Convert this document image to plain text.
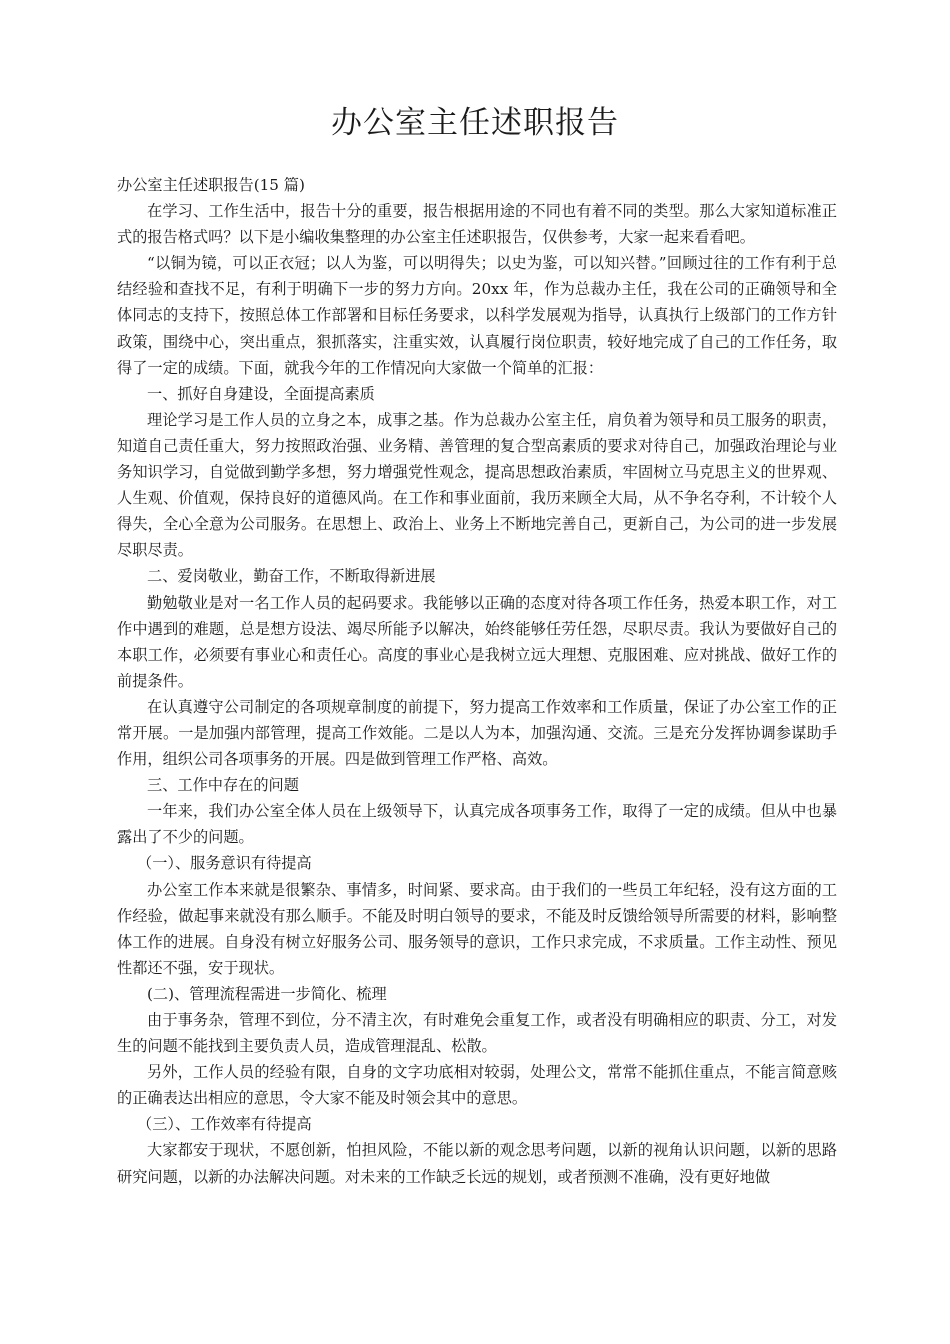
办公室主任述职报告

办公室主任述职报告(15 篇)

在学习、工作生活中，报告十分的重要，报告根据用途的不同也有着不同的类型。那么大家知道标准正式的报告格式吗？以下是小编收集整理的办公室主任述职报告，仅供参考，大家一起来看看吧。

“以铜为镜，可以正衣冠；以人为鉴，可以明得失；以史为鉴，可以知兴替。”回顾过往的工作有利于总结经验和查找不足，有利于明确下一步的努力方向。20xx 年，作为总裁办主任，我在公司的正确领导和全体同志的支持下，按照总体工作部署和目标任务要求，以科学发展观为指导，认真执行上级部门的工作方针政策，围绕中心，突出重点，狠抓落实，注重实效，认真履行岗位职责，较好地完成了自己的工作任务，取得了一定的成绩。下面，就我今年的工作情况向大家做一个简单的汇报：

一、抓好自身建设，全面提高素质

理论学习是工作人员的立身之本，成事之基。作为总裁办公室主任，肩负着为领导和员工服务的职责，知道自己责任重大，努力按照政治强、业务精、善管理的复合型高素质的要求对待自己，加强政治理论与业务知识学习，自觉做到勤学多想，努力增强党性观念，提高思想政治素质，牢固树立马克思主义的世界观、人生观、价值观，保持良好的道德风尚。在工作和事业面前，我历来顾全大局，从不争名夺利，不计较个人得失，全心全意为公司服务。在思想上、政治上、业务上不断地完善自己，更新自己，为公司的进一步发展尽职尽责。

二、爱岗敬业，勤奋工作，不断取得新进展

勤勉敬业是对一名工作人员的起码要求。我能够以正确的态度对待各项工作任务，热爱本职工作，对工作中遇到的难题，总是想方设法、竭尽所能予以解决，始终能够任劳任怨，尽职尽责。我认为要做好自己的本职工作，必须要有事业心和责任心。高度的事业心是我树立远大理想、克服困难、应对挑战、做好工作的前提条件。

在认真遵守公司制定的各项规章制度的前提下，努力提高工作效率和工作质量，保证了办公室工作的正常开展。一是加强内部管理，提高工作效能。二是以人为本，加强沟通、交流。三是充分发挥协调参谋助手作用，组织公司各项事务的开展。四是做到管理工作严格、高效。

三、工作中存在的问题

一年来，我们办公室全体人员在上级领导下，认真完成各项事务工作，取得了一定的成绩。但从中也暴露出了不少的问题。

（一）、服务意识有待提高

办公室工作本来就是很繁杂、事情多，时间紧、要求高。由于我们的一些员工年纪轻，没有这方面的工作经验，做起事来就没有那么顺手。不能及时明白领导的要求，不能及时反馈给领导所需要的材料，影响整体工作的进展。自身没有树立好服务公司、服务领导的意识，工作只求完成，不求质量。工作主动性、预见性都还不强，安于现状。

(二)、管理流程需进一步简化、梳理

由于事务杂，管理不到位，分不清主次，有时难免会重复工作，或者没有明确相应的职责、分工，对发生的问题不能找到主要负责人员，造成管理混乱、松散。

另外，工作人员的经验有限，自身的文字功底相对较弱，处理公文，常常不能抓住重点，不能言简意赅的正确表达出相应的意思，令大家不能及时领会其中的意思。

（三）、工作效率有待提高

大家都安于现状，不愿创新，怕担风险，不能以新的观念思考问题，以新的视角认识问题，以新的思路研究问题，以新的办法解决问题。对未来的工作缺乏长远的规划，或者预测不准确，没有更好地做
